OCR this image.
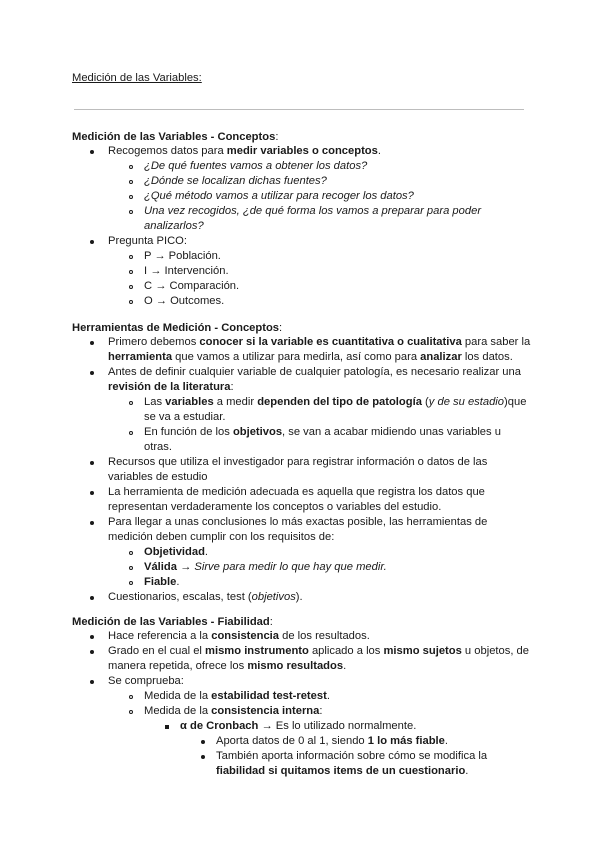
Medición de las Variables:
Medición de las Variables - Conceptos:
Recogemos datos para medir variables o conceptos.
¿De qué fuentes vamos a obtener los datos?
¿Dónde se localizan dichas fuentes?
¿Qué método vamos a utilizar para recoger los datos?
Una vez recogidos, ¿de qué forma los vamos a preparar para poder
analizarlos?
Pregunta PICO:
P → Población.
I → Intervención.
C → Comparación.
O → Outcomes.
Herramientas de Medición - Conceptos:
Primero debemos conocer si la variable es cuantitativa o cualitativa para saber la
herramienta que vamos a utilizar para medirla, así como para analizar los datos.
Antes de definir cualquier variable de cualquier patología, es necesario realizar una
revisión de la literatura:
Las variables a medir dependen del tipo de patología (y de su estadio)que
se va a estudiar.
En función de los objetivos, se van a acabar midiendo unas variables u
otras.
Recursos que utiliza el investigador para registrar información o datos de las
variables de estudio
La herramienta de medición adecuada es aquella que registra los datos que
representan verdaderamente los conceptos o variables del estudio.
Para llegar a unas conclusiones lo más exactas posible, las herramientas de
medición deben cumplir con los requisitos de:
Objetividad.
Válida → Sirve para medir lo que hay que medir.
Fiable.
Cuestionarios, escalas, test (objetivos).
Medición de las Variables - Fiabilidad:
Hace referencia a la consistencia de los resultados.
Grado en el cual el mismo instrumento aplicado a los mismo sujetos u objetos, de
manera repetida, ofrece los mismo resultados.
Se comprueba:
Medida de la estabilidad test-retest.
Medida de la consistencia interna:
α de Cronbach → Es lo utilizado normalmente.
Aporta datos de 0 al 1, siendo 1 lo más fiable.
También aporta información sobre cómo se modifica la
fiabilidad si quitamos items de un cuestionario.
